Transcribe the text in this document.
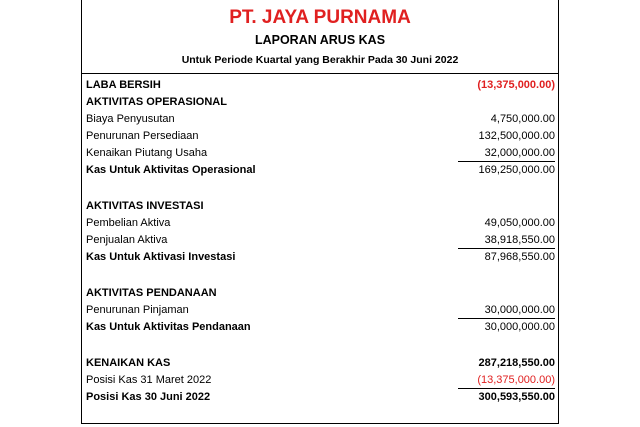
PT. JAYA PURNAMA
LAPORAN ARUS KAS
Untuk Periode Kuartal yang Berakhir Pada 30 Juni 2022
LABA BERSIH	(13,375,000.00)
AKTIVITAS OPERASIONAL
Biaya Penyusutan	4,750,000.00
Penurunan Persediaan	132,500,000.00
Kenaikan Piutang Usaha	32,000,000.00
Kas Untuk Aktivitas Operasional	169,250,000.00
AKTIVITAS INVESTASI
Pembelian Aktiva	49,050,000.00
Penjualan Aktiva	38,918,550.00
Kas Untuk Aktivasi Investasi	87,968,550.00
AKTIVITAS PENDANAAN
Penurunan Pinjaman	30,000,000.00
Kas Untuk Aktivitas Pendanaan	30,000,000.00
KENAIKAN KAS	287,218,550.00
Posisi Kas 31 Maret 2022	(13,375,000.00)
Posisi Kas 30 Juni 2022	300,593,550.00
